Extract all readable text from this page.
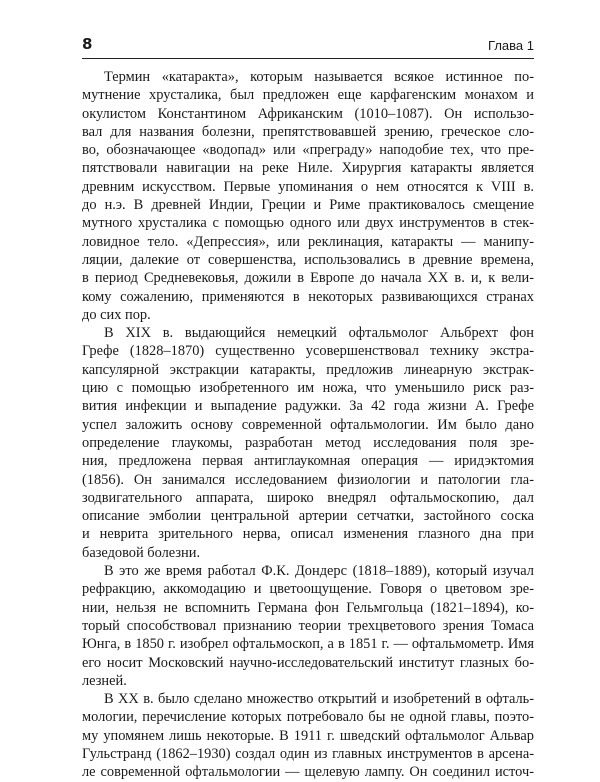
8	Глава 1

Термин «катаракта», которым называется всякое истинное по-
мутнение хрусталика, был предложен еще карфагенским монахом и
окулистом Константином Африканским (1010–1087). Он использо-
вал для названия болезни, препятствовавшей зрению, греческое сло-
во, обозначающее «водопад» или «преграду» наподобие тех, что пре-
пятствовали навигации на реке Ниле. Хирургия катаракты является
древним искусством. Первые упоминания о нем относятся к VIII в.
до н.э. В древней Индии, Греции и Риме практиковалось смещение
мутного хрусталика с помощью одного или двух инструментов в стек-
ловидное тело. «Депрессия», или реклинация, катаракты — манипу-
ляции, далекие от совершенства, использовались в древние времена,
в период Средневековья, дожили в Европе до начала XX в. и, к вели-
кому сожалению, применяются в некоторых развивающихся странах
до сих пор.

В XIX в. выдающийся немецкий офтальмолог Альбрехт фон
Грефе (1828–1870) существенно усовершенствовал технику экстра-
капсулярной экстракции катаракты, предложив линеарную экстрак-
цию с помощью изобретенного им ножа, что уменьшило риск раз-
вития инфекции и выпадение радужки. За 42 года жизни А. Грефе
успел заложить основу современной офтальмологии. Им было дано
определение глаукомы, разработан метод исследования поля зре-
ния, предложена первая антиглаукомная операция — иридэктомия
(1856). Он занимался исследованием физиологии и патологии гла-
зодвигательного аппарата, широко внедрял офтальмоскопию, дал
описание эмболии центральной артерии сетчатки, застойного соска
и неврита зрительного нерва, описал изменения глазного дна при
базедовой болезни.

В это же время работал Ф.К. Дондерс (1818–1889), который изучал
рефракцию, аккомодацию и цветоощущение. Говоря о цветовом зре-
нии, нельзя не вспомнить Германа фон Гельмгольца (1821–1894), ко-
торый способствовал признанию теории трехцветового зрения Томаса
Юнга, в 1850 г. изобрел офтальмоскоп, а в 1851 г. — офтальмометр. Имя
его носит Московский научно-исследовательский институт глазных бо-
лезней.

В XX в. было сделано множество открытий и изобретений в офталь-
мологии, перечисление которых потребовало бы не одной главы, поэто-
му упомянем лишь некоторые. В 1911 г. шведский офтальмолог Альвар
Гульстранд (1862–1930) создал один из главных инструментов в арсена-
ле современной офтальмологии — щелевую лампу. Он соединил источ-
